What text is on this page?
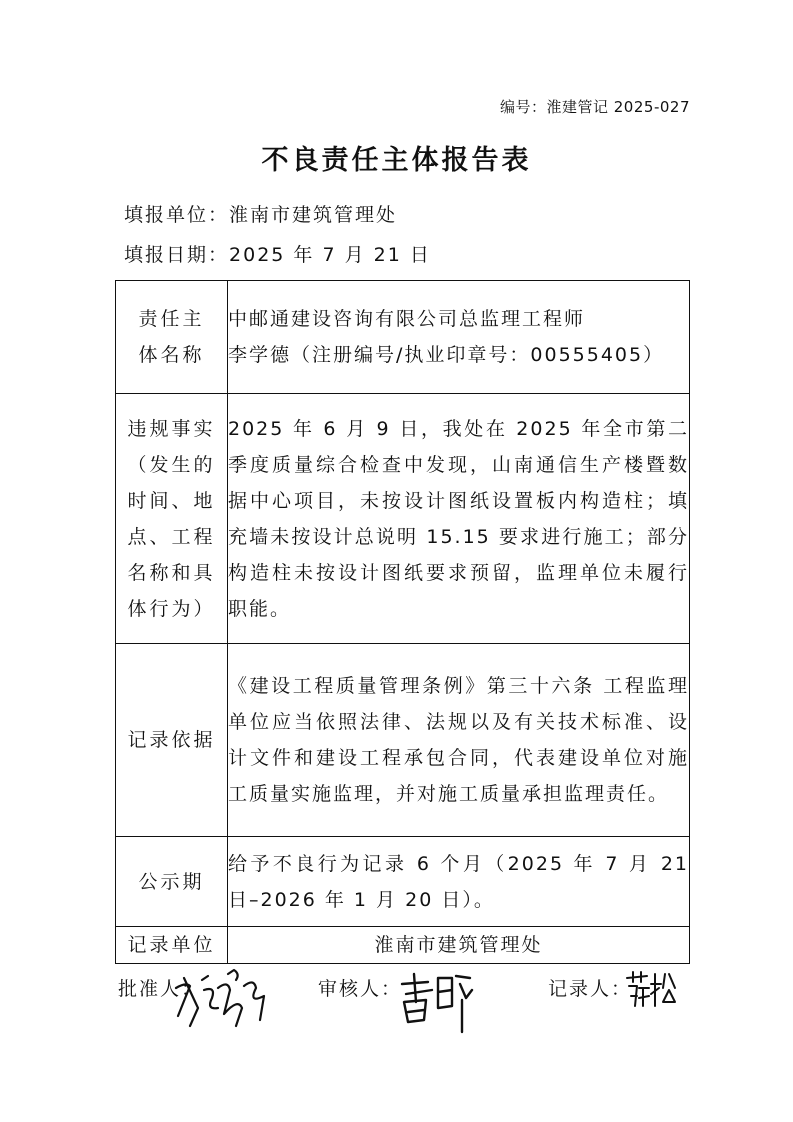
编号：淮建管记 2025-027
不良责任主体报告表
填报单位：淮南市建筑管理处
填报日期：2025 年 7 月 21 日
责任主体名称	中邮通建设咨询有限公司总监理工程师
李学德（注册编号/执业印章号：00555405）

违规事实（发生的时间、地点、工程名称和具体行为）	2025 年 6 月 9 日，我处在 2025 年全市第二季度质量综合检查中发现，山南通信生产楼暨数据中心项目，未按设计图纸设置板内构造柱；填充墙未按设计总说明 15.15 要求进行施工；部分构造柱未按设计图纸要求预留，监理单位未履行职能。

记录依据	《建设工程质量管理条例》第三十六条 工程监理单位应当依照法律、法规以及有关技术标准、设计文件和建设工程承包合同，代表建设单位对施工质量实施监理，并对施工质量承担监理责任。

公示期	给予不良行为记录 6 个月（2025 年 7 月 21 日–2026 年 1 月 20 日）。

记录单位	淮南市建筑管理处
批准人：	审核人：	记录人：
